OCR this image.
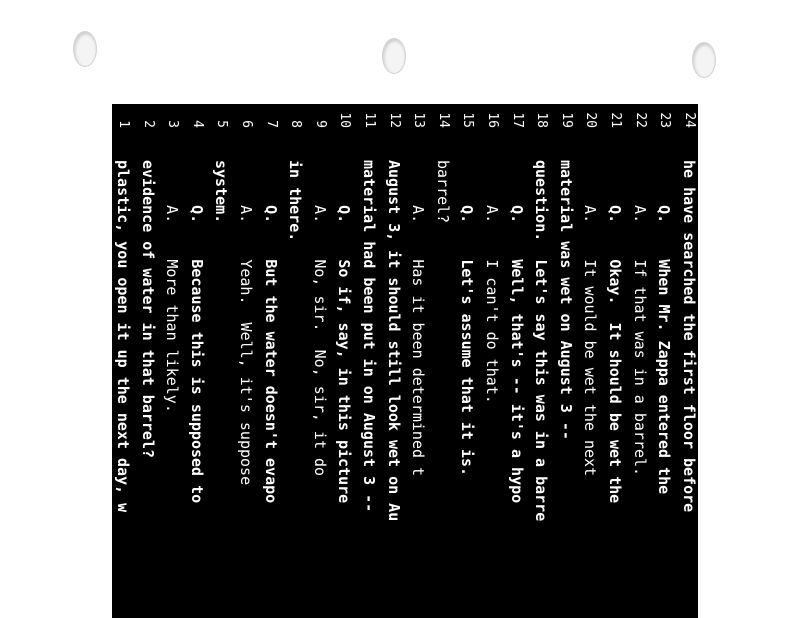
1
plastic, you open it up the next day, w
2
evidence of water in that barrel?
3
A.    More than likely.
4
Q.    Because this is supposed to
5
system.
6
A.    Yeah.  Well, it's suppose
7
Q.    But the water doesn't evapo
8
in there.
9
A.    No, sir.  No, sir, it do
10
Q.    So if, say, in this picture
11
material had been put in on August 3 --
12
August 3, it should still look wet on Au
13
A.    Has it been determined t
14
barrel?
15
Q.    Let's assume that it is.
16
A.    I can't do that.
17
Q.    Well, that's -- it's a hypo
18
question.  Let's say this was in a barre
19
material was wet on August 3 --
20
A.    It would be wet the next
21
Q.    Okay.  It should be wet the
22
A.    If that was in a barrel.
23
Q.    When Mr. Zappa entered the
24
he have searched the first floor before
